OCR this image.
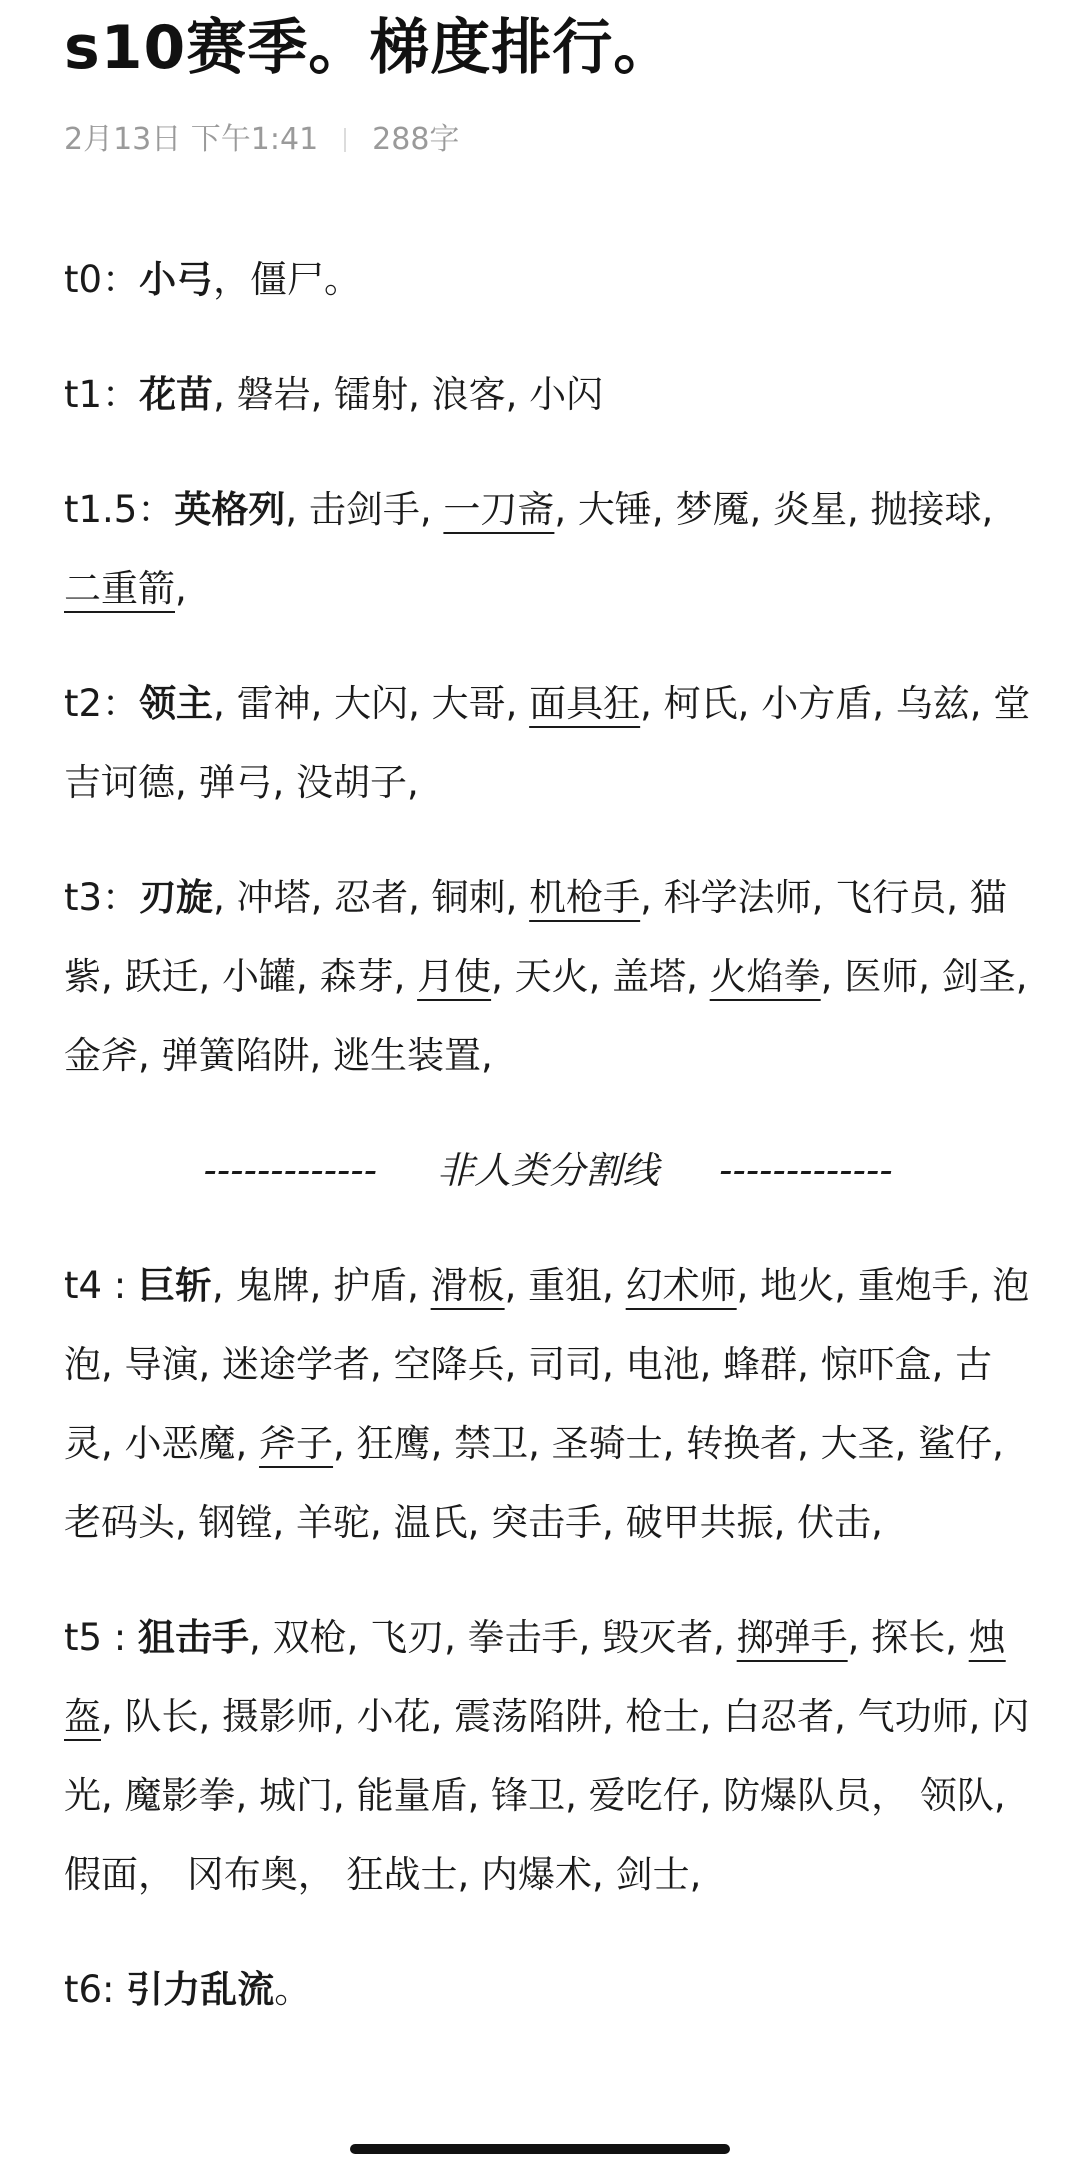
s10赛季。梯度排行。
2月13日 下午1:41 288字

t0：小弓，僵尸。

t1：花苗, 磐岩, 镭射, 浪客, 小闪

t1.5：英格列, 击剑手, 一刀斋, 大锤, 梦魇, 炎星, 抛接球, 二重箭,

t2：领主, 雷神, 大闪, 大哥, 面具狂, 柯氏, 小方盾, 乌兹, 堂吉诃德, 弹弓, 没胡子,

t3：刃旋, 冲塔, 忍者, 铜刺, 机枪手, 科学法师, 飞行员, 猫紫, 跃迁, 小罐, 森芽, 月使, 天火, 盖塔, 火焰拳, 医师, 剑圣, 金斧, 弹簧陷阱, 逃生装置,

------------- 非人类分割线 -------------

t4 : 巨斩, 鬼牌, 护盾, 滑板, 重狙, 幻术师, 地火, 重炮手, 泡泡, 导演, 迷途学者, 空降兵, 司司, 电池, 蜂群, 惊吓盒, 古灵, 小恶魔, 斧子, 狂鹰, 禁卫, 圣骑士, 转换者, 大圣, 鲨仔, 老码头, 钢镗, 羊驼, 温氏, 突击手, 破甲共振, 伏击,

t5 : 狙击手, 双枪, 飞刃, 拳击手, 毁灭者, 掷弹手, 探长, 烛盔, 队长, 摄影师, 小花, 震荡陷阱, 枪士, 白忍者, 气功师, 闪光, 魔影拳, 城门, 能量盾, 锋卫, 爱吃仔, 防爆队员， 领队, 假面， 冈布奥， 狂战士, 内爆术, 剑士,

t6: 引力乱流。
